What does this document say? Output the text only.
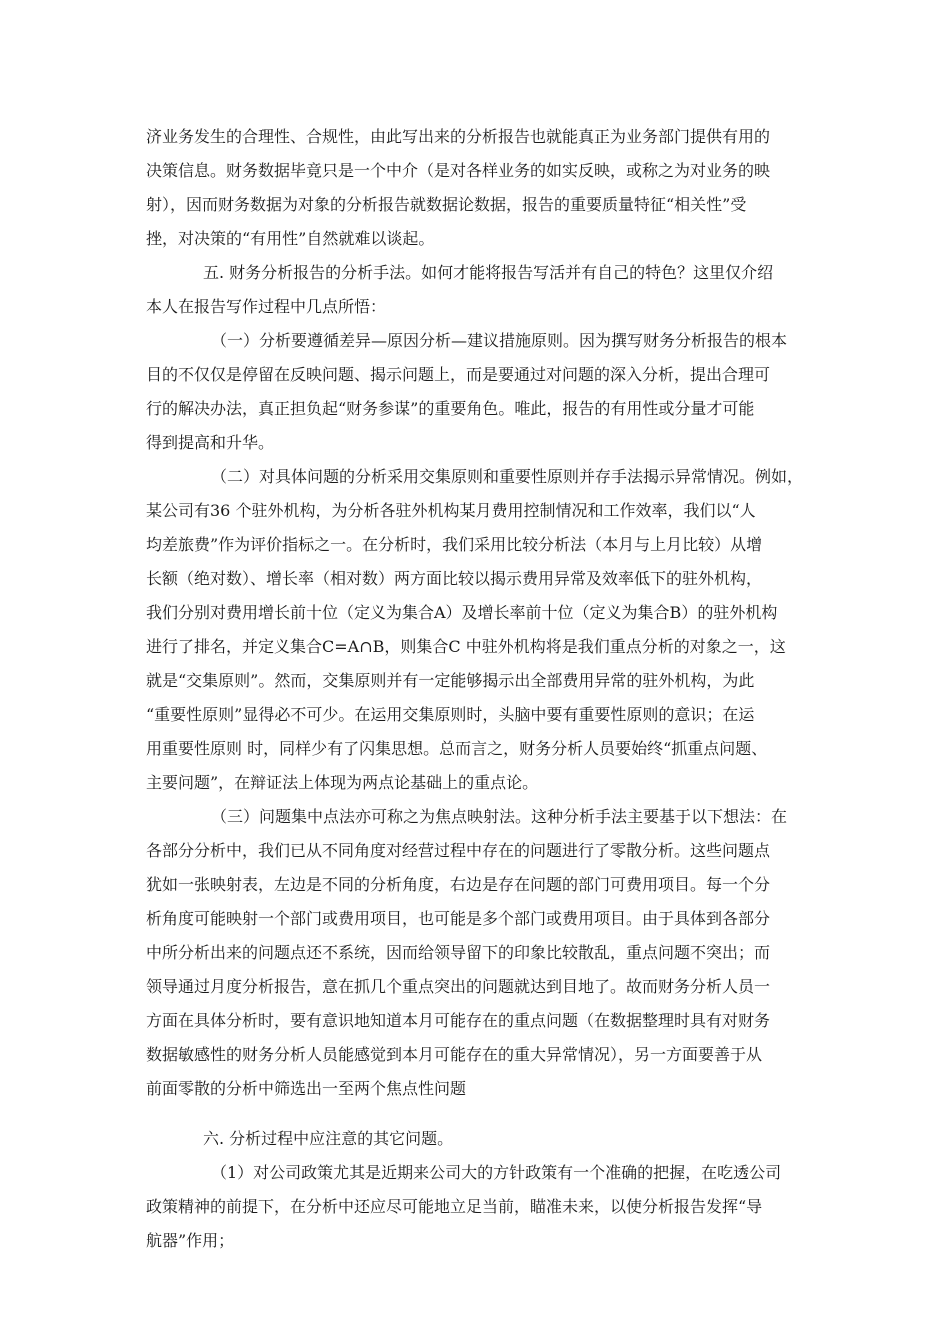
济业务发生的合理性、合规性，由此写出来的分析报告也就能真正为业务部门提供有用的
决策信息。财务数据毕竟只是一个中介（是对各样业务的如实反映，或称之为对业务的映
射），因而财务数据为对象的分析报告就数据论数据，报告的重要质量特征“相关性”受
挫，对决策的“有用性”自然就难以谈起。
五. 财务分析报告的分析手法。如何才能将报告写活并有自己的特色？这里仅介绍
本人在报告写作过程中几点所悟：
（一）分析要遵循差异—原因分析—建议措施原则。因为撰写财务分析报告的根本
目的不仅仅是停留在反映问题、揭示问题上，而是要通过对问题的深入分析，提出合理可
行的解决办法，真正担负起“财务参谋”的重要角色。唯此，报告的有用性或分量才可能
得到提高和升华。
（二）对具体问题的分析采用交集原则和重要性原则并存手法揭示异常情况。例如，
某公司有36 个驻外机构，为分析各驻外机构某月费用控制情况和工作效率，我们以“人
均差旅费”作为评价指标之一。在分析时，我们采用比较分析法（本月与上月比较）从增
长额（绝对数）、增长率（相对数）两方面比较以揭示费用异常及效率低下的驻外机构，
我们分别对费用增长前十位（定义为集合A）及增长率前十位（定义为集合B）的驻外机构
进行了排名，并定义集合C=A∩B，则集合C 中驻外机构将是我们重点分析的对象之一，这
就是“交集原则”。然而，交集原则并有一定能够揭示出全部费用异常的驻外机构，为此
“重要性原则”显得必不可少。在运用交集原则时，头脑中要有重要性原则的意识；在运
用重要性原则 时，同样少有了闪集思想。总而言之，财务分析人员要始终“抓重点问题、
主要问题”，在辩证法上体现为两点论基础上的重点论。
（三）问题集中点法亦可称之为焦点映射法。这种分析手法主要基于以下想法：在
各部分分析中，我们已从不同角度对经营过程中存在的问题进行了零散分析。这些问题点
犹如一张映射表，左边是不同的分析角度，右边是存在问题的部门可费用项目。每一个分
析角度可能映射一个部门或费用项目，也可能是多个部门或费用项目。由于具体到各部分
中所分析出来的问题点还不系统，因而给领导留下的印象比较散乱，重点问题不突出；而
领导通过月度分析报告，意在抓几个重点突出的问题就达到目地了。故而财务分析人员一
方面在具体分析时，要有意识地知道本月可能存在的重点问题（在数据整理时具有对财务
数据敏感性的财务分析人员能感觉到本月可能存在的重大异常情况），另一方面要善于从
前面零散的分析中筛选出一至两个焦点性问题
六. 分析过程中应注意的其它问题。
（1）对公司政策尤其是近期来公司大的方针政策有一个准确的把握，在吃透公司
政策精神的前提下，在分析中还应尽可能地立足当前，瞄准未来，以使分析报告发挥“导
航器”作用；
